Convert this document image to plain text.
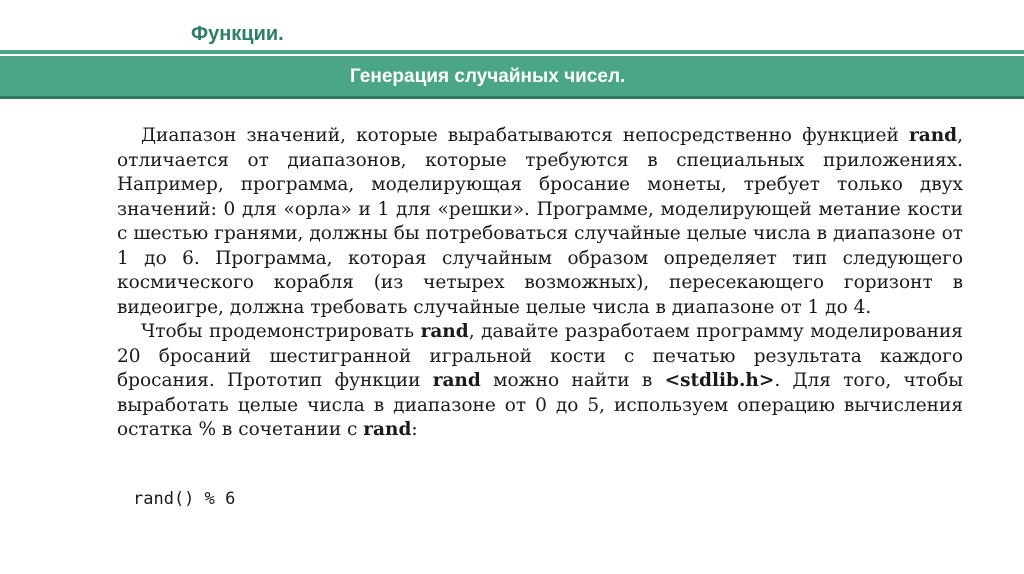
Функции.
Генерация случайных чисел.

Диапазон значений, которые вырабатываются непосредственно функцией rand, отличается от диапазонов, которые требуются в специальных приложениях. Например, программа, моделирующая бросание монеты, требует только двух значений: 0 для «орла» и 1 для «решки». Программе, моделирующей метание кости с шестью гранями, должны бы потребоваться случайные целые числа в диапазоне от 1 до 6. Программа, которая случайным образом определяет тип следующего космического корабля (из четырех возможных), пересекающего горизонт в видеоигре, должна требовать случайные целые числа в диапазоне от 1 до 4.

Чтобы продемонстрировать rand, давайте разработаем программу моделирования 20 бросаний шестигранной игральной кости с печатью результата каждого бросания. Прототип функции rand можно найти в <stdlib.h>. Для того, чтобы выработать целые числа в диапазоне от 0 до 5, используем операцию вычисления остатка % в сочетании с rand:

rand() % 6
